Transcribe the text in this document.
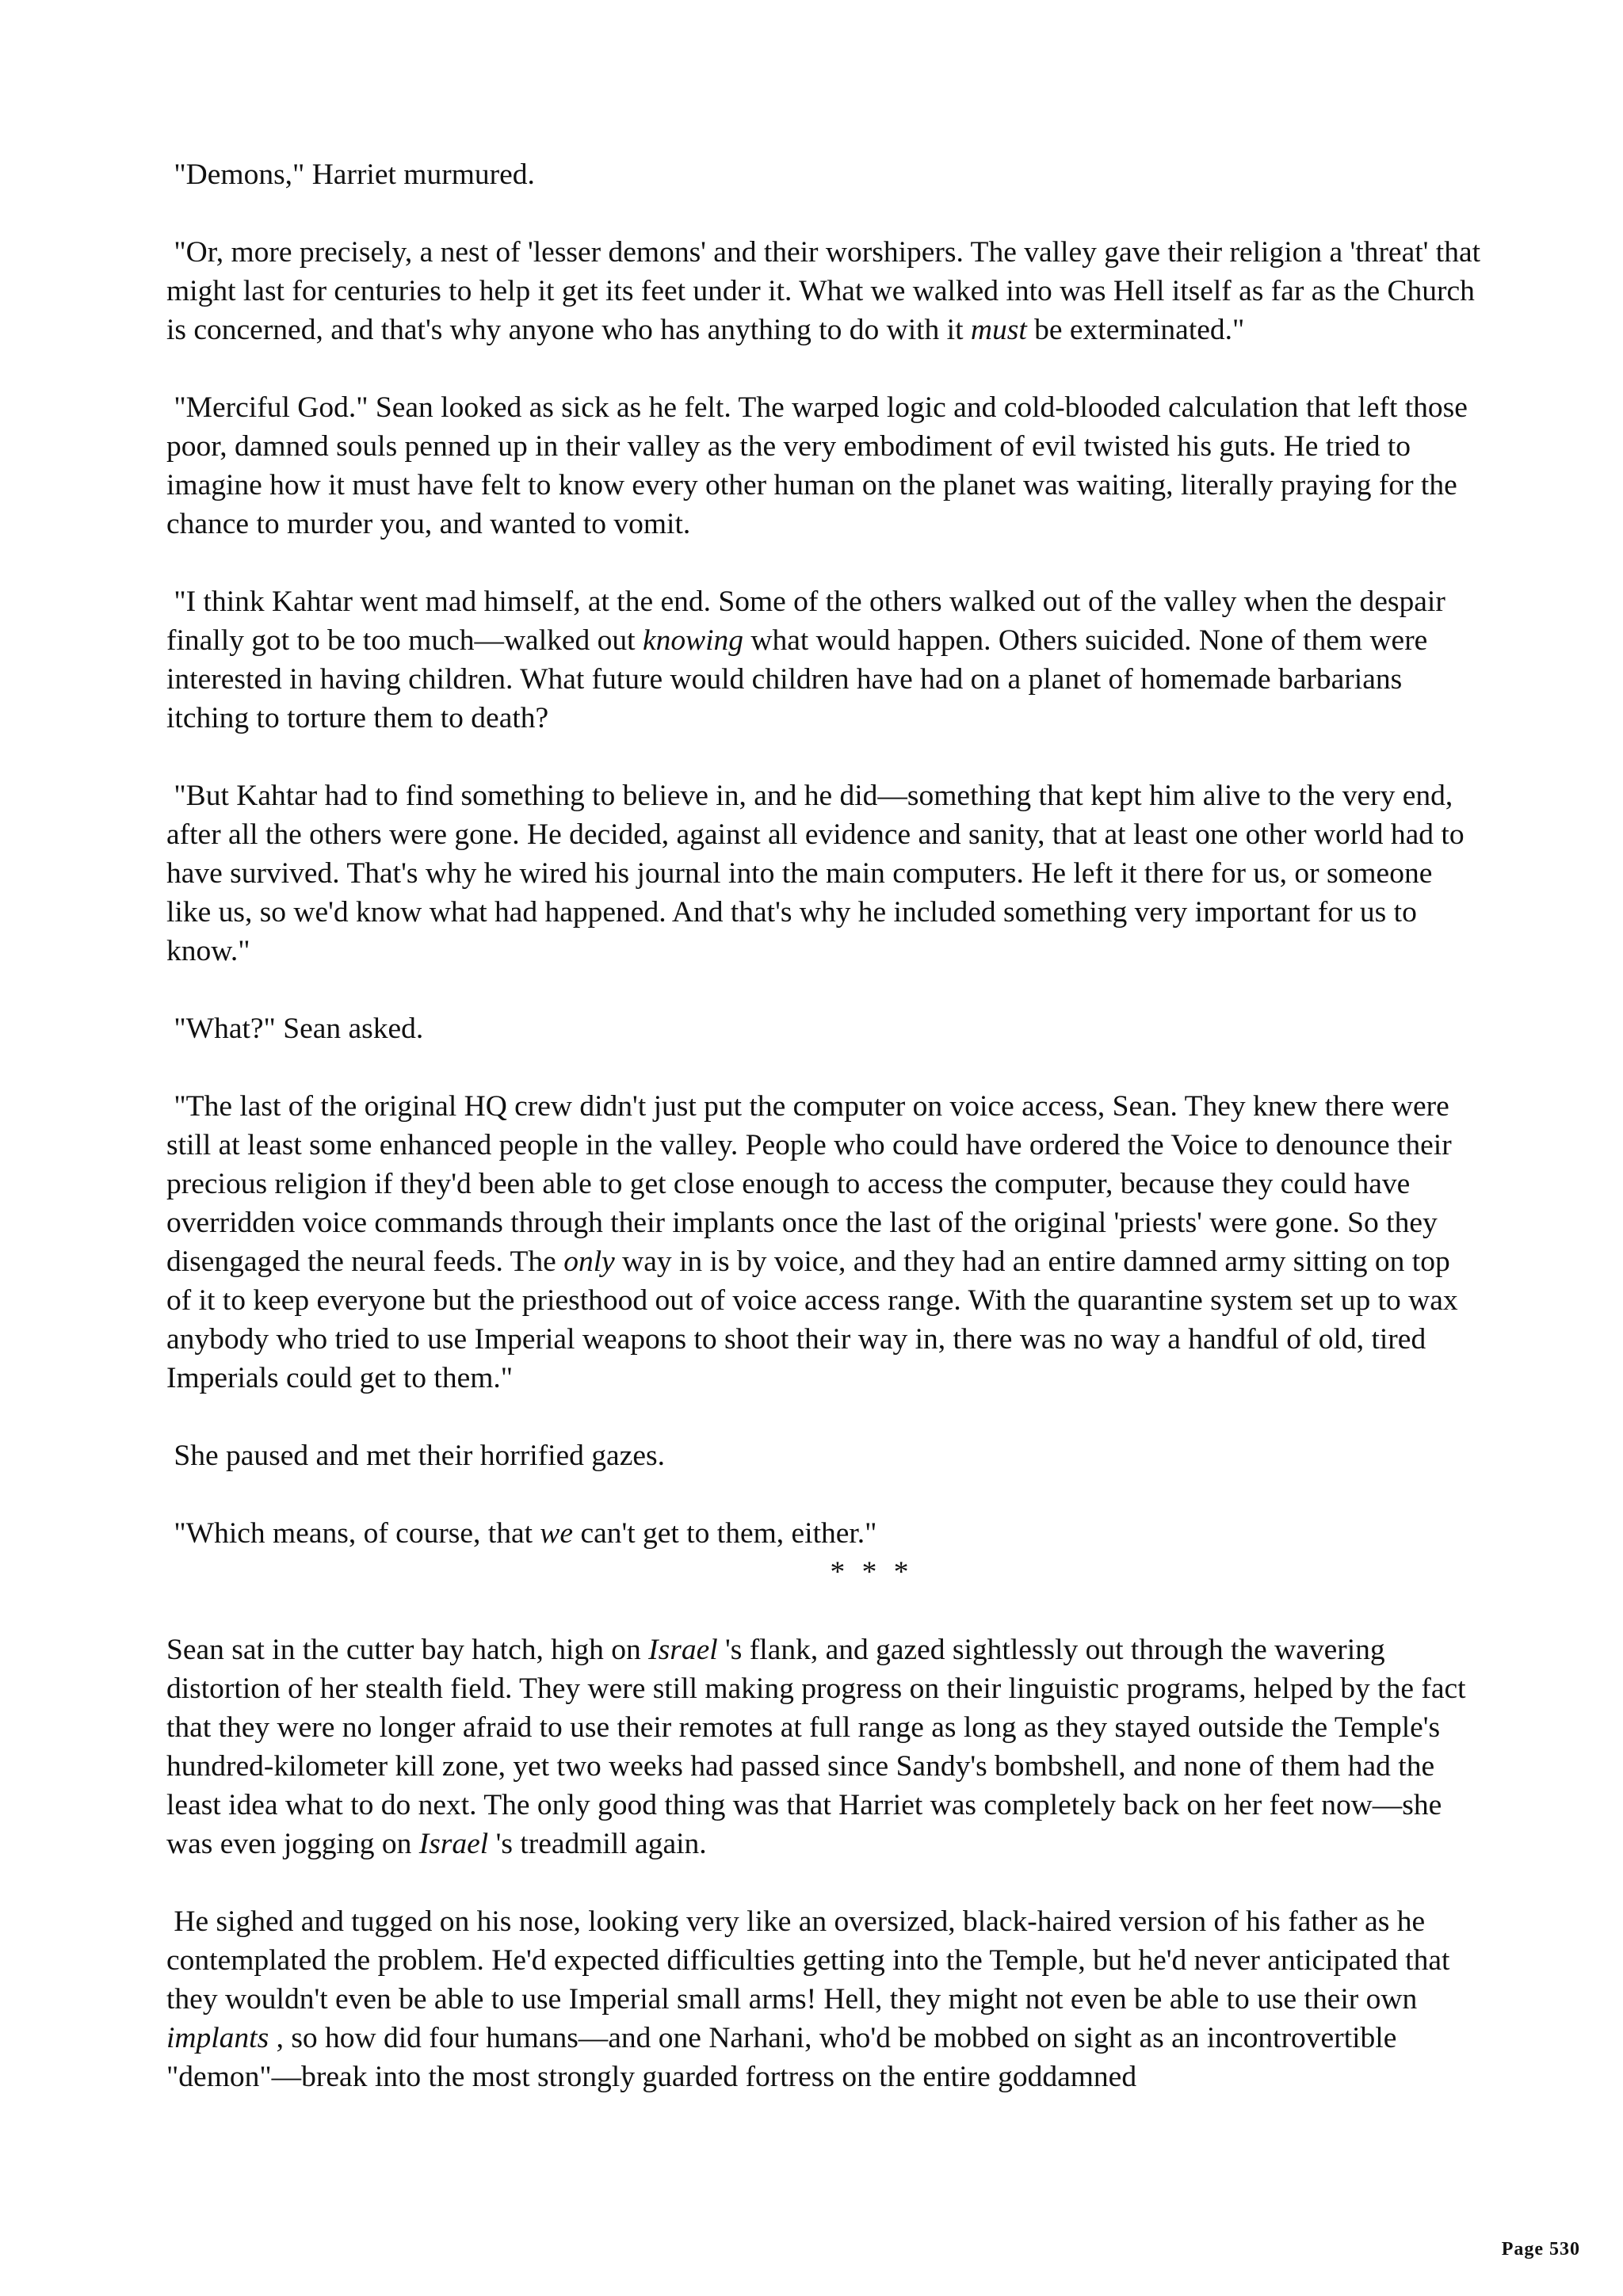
"Demons," Harriet murmured.

"Or, more precisely, a nest of 'lesser demons' and their worshipers. The valley gave their religion a 'threat' that might last for centuries to help it get its feet under it. What we walked into was Hell itself as far as the Church is concerned, and that's why anyone who has anything to do with it must be exterminated."

"Merciful God." Sean looked as sick as he felt. The warped logic and cold-blooded calculation that left those poor, damned souls penned up in their valley as the very embodiment of evil twisted his guts. He tried to imagine how it must have felt to know every other human on the planet was waiting, literally praying for the chance to murder you, and wanted to vomit.

"I think Kahtar went mad himself, at the end. Some of the others walked out of the valley when the despair finally got to be too much—walked out knowing what would happen. Others suicided. None of them were interested in having children. What future would children have had on a planet of homemade barbarians itching to torture them to death?

"But Kahtar had to find something to believe in, and he did—something that kept him alive to the very end, after all the others were gone. He decided, against all evidence and sanity, that at least one other world had to have survived. That's why he wired his journal into the main computers. He left it there for us, or someone like us, so we'd know what had happened. And that's why he included something very important for us to know."

"What?" Sean asked.

"The last of the original HQ crew didn't just put the computer on voice access, Sean. They knew there were still at least some enhanced people in the valley. People who could have ordered the Voice to denounce their precious religion if they'd been able to get close enough to access the computer, because they could have overridden voice commands through their implants once the last of the original 'priests' were gone. So they disengaged the neural feeds. The only way in is by voice, and they had an entire damned army sitting on top of it to keep everyone but the priesthood out of voice access range. With the quarantine system set up to wax anybody who tried to use Imperial weapons to shoot their way in, there was no way a handful of old, tired Imperials could get to them."

She paused and met their horrified gazes.

"Which means, of course, that we can't get to them, either."

* * *

Sean sat in the cutter bay hatch, high on Israel 's flank, and gazed sightlessly out through the wavering distortion of her stealth field. They were still making progress on their linguistic programs, helped by the fact that they were no longer afraid to use their remotes at full range as long as they stayed outside the Temple's hundred-kilometer kill zone, yet two weeks had passed since Sandy's bombshell, and none of them had the least idea what to do next. The only good thing was that Harriet was completely back on her feet now—she was even jogging on Israel 's treadmill again.

He sighed and tugged on his nose, looking very like an oversized, black-haired version of his father as he contemplated the problem. He'd expected difficulties getting into the Temple, but he'd never anticipated that they wouldn't even be able to use Imperial small arms! Hell, they might not even be able to use their own implants , so how did four humans—and one Narhani, who'd be mobbed on sight as an incontrovertible "demon"—break into the most strongly guarded fortress on the entire goddamned

Page 530
